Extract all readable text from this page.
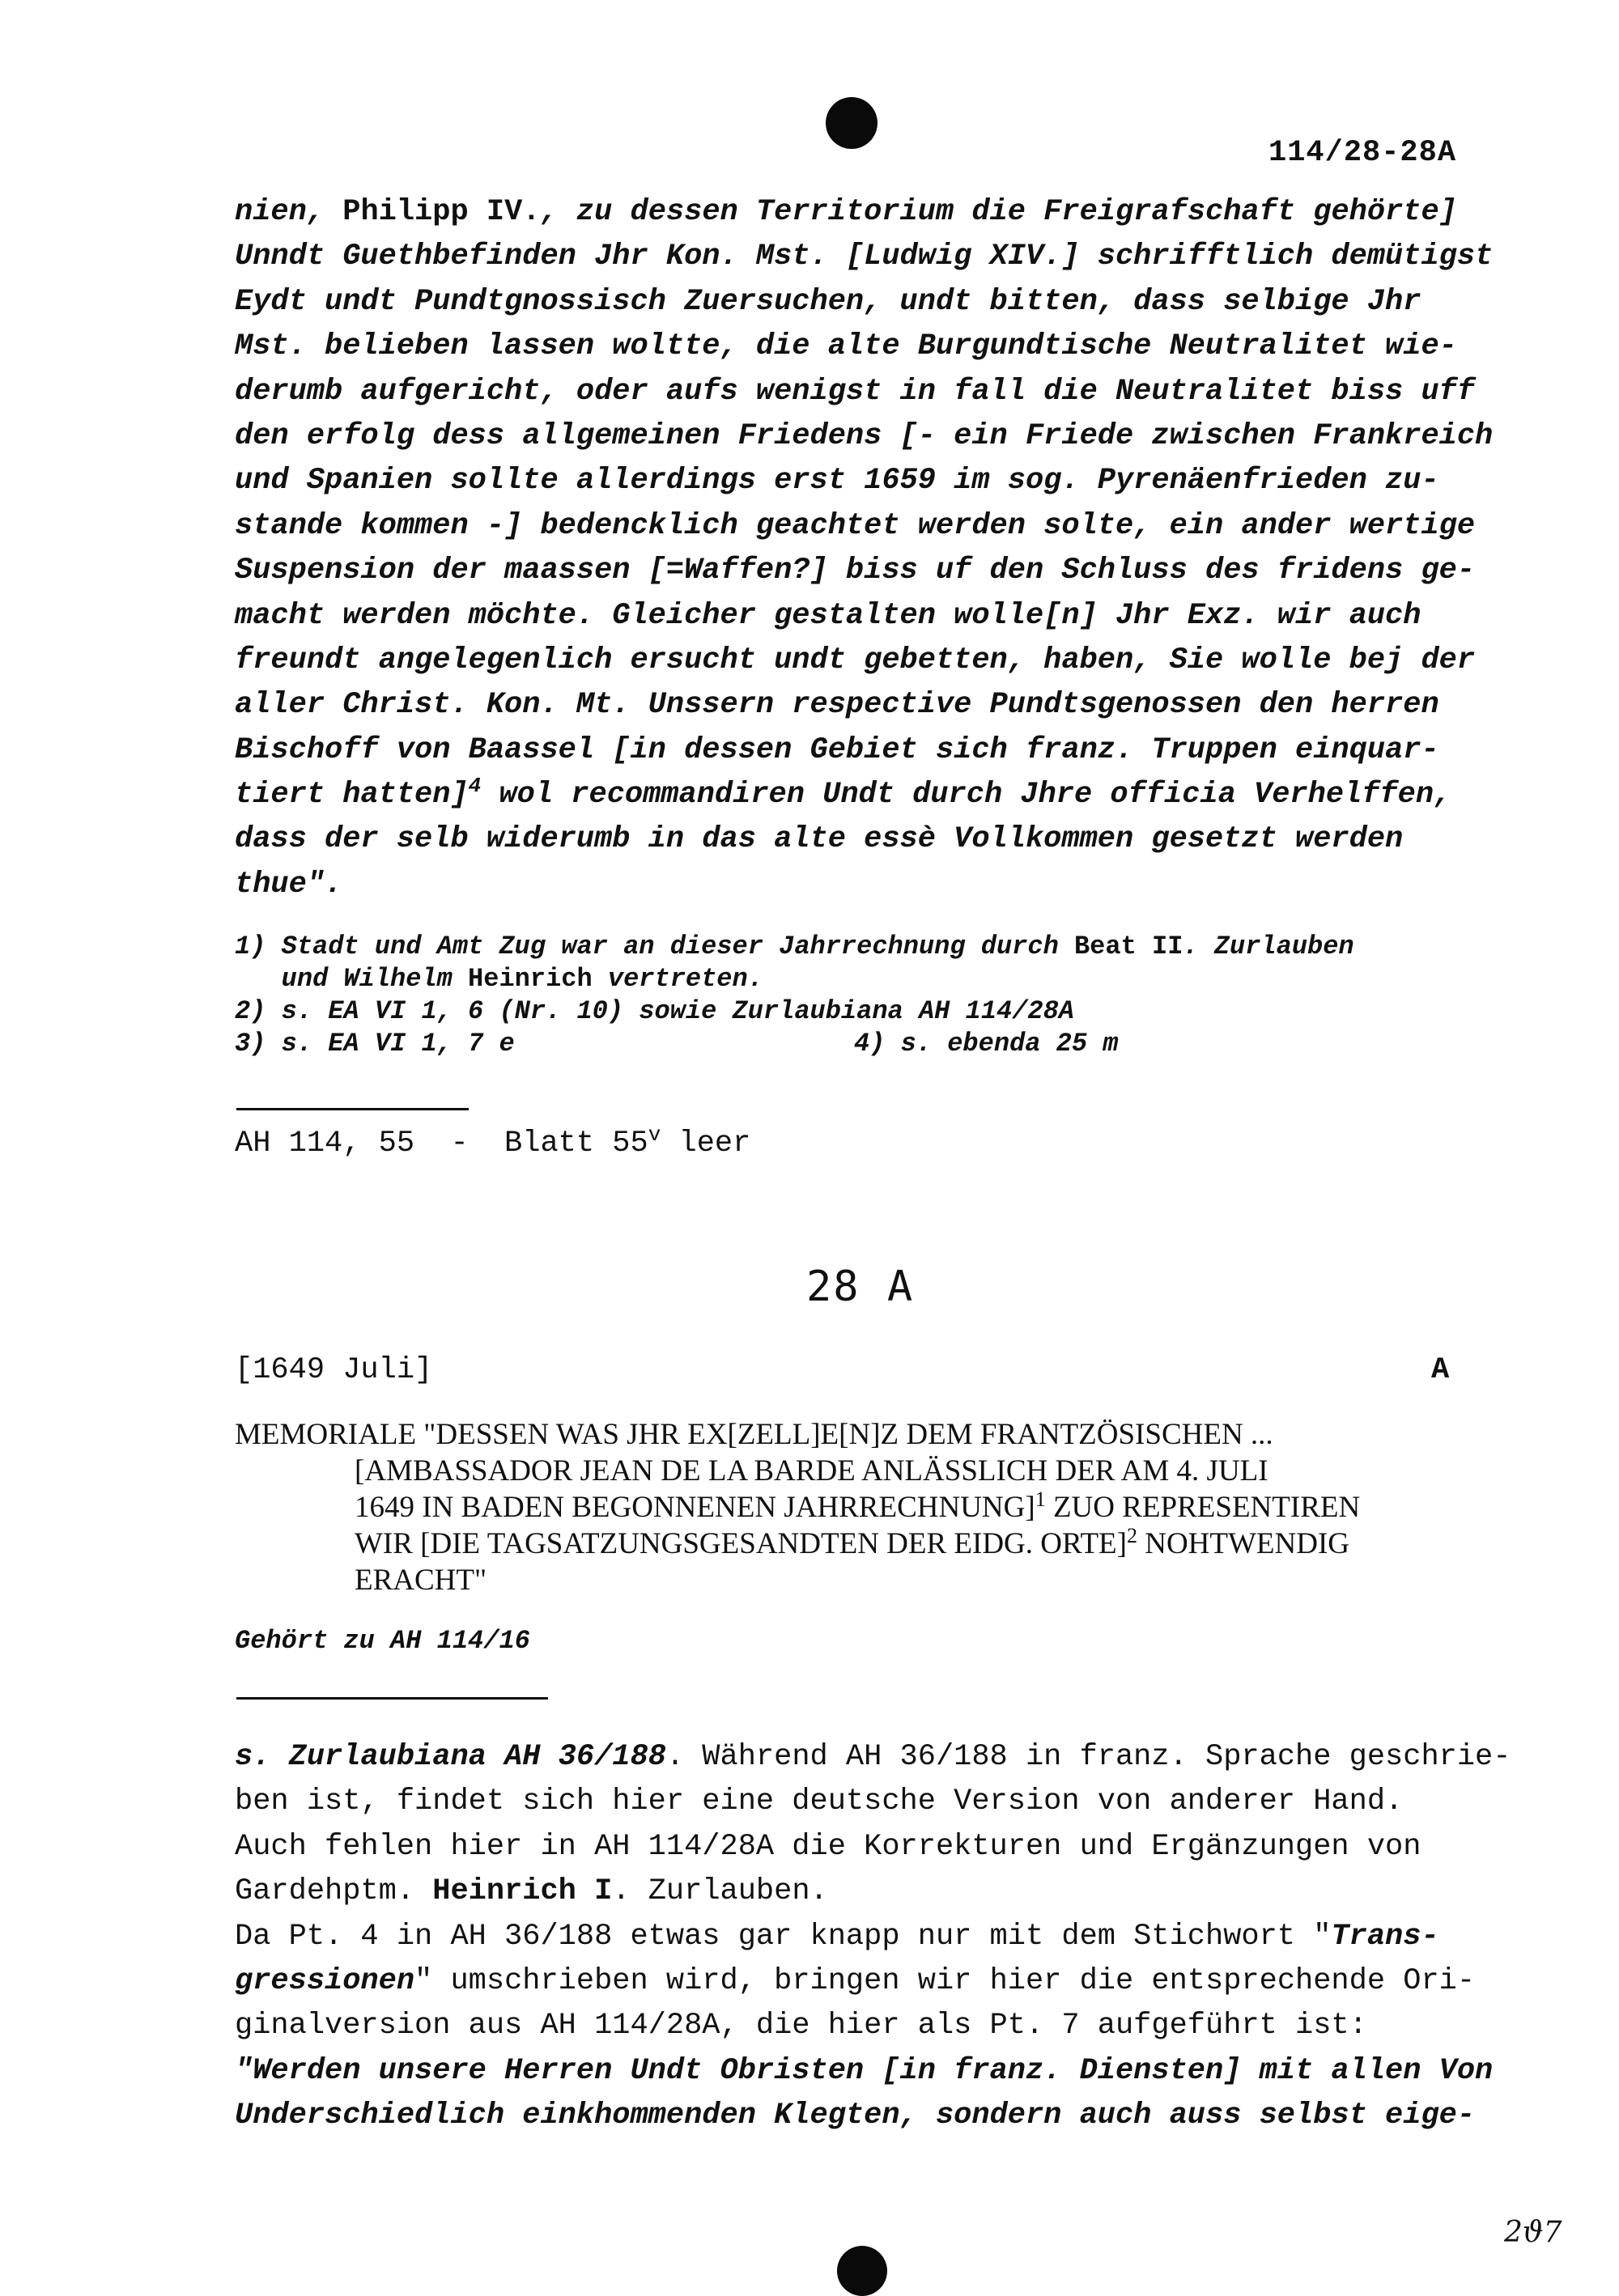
114/28-28A
nien, Philipp IV., zu dessen Territorium die Freigrafschaft gehörte]
Unndt Guethbefinden Jhr Kon. Mst. [Ludwig XIV.] schrifftlich demütigst
Eydt undt Pundtgnossisch Zuersuchen, undt bitten, dass selbige Jhr
Mst. belieben lassen woltte, die alte Burgundtische Neutralitet wie-
derumb aufgericht, oder aufs wenigst in fall die Neutralitet biss uff
den erfolg dess allgemeinen Friedens [- ein Friede zwischen Frankreich
und Spanien sollte allerdings erst 1659 im sog. Pyrenäenfrieden zu-
stande kommen -] bedencklich geachtet werden solte, ein ander wertige
Suspension der maassen [=Waffen?] biss uf den Schluss des fridens ge-
macht werden möchte. Gleicher gestalten wolle[n] Jhr Exz. wir auch
freundt angelegenlich ersucht undt gebetten, haben, Sie wolle bej der
aller Christ. Kon. Mt. Unssern respective Pundtsgenossen den herren
Bischoff von Baassel [in dessen Gebiet sich franz. Truppen einquar-
tiert hatten]$^4$ wol recommandiren Undt durch Jhre officia Verhelffen,
dass der selb widerumb in das alte essè Vollkommen gesetzt werden
thue".
1) Stadt und Amt Zug war an dieser Jahrrechnung durch Beat II. Zurlauben
und Wilhelm Heinrich vertreten.
2) s. EA VI 1, 6 (Nr. 10) sowie Zurlaubiana AH 114/28A
3) s. EA VI 1, 7 e	4) s. ebenda 25 m
AH 114, 55  -  Blatt 55$^v$ leer
28 A
[1649 Juli]	A
MEMORIALE "DESSEN WAS JHR EX[ZELL]E[N]Z DEM FRANTZÖSISCHEN ...
[AMBASSADOR JEAN DE LA BARDE ANLÄSSLICH DER AM 4. JULI
1649 IN BADEN BEGONNENEN JAHRRECHNUNG]$^1$ ZUO REPRESENTIREN
WIR [DIE TAGSATZUNGSGESANDTEN DER EIDG. ORTE]$^2$ NOHTWENDIG
ERACHT"
Gehört zu AH 114/16
s. Zurlaubiana AH 36/188. Während AH 36/188 in franz. Sprache geschrie-
ben ist, findet sich hier eine deutsche Version von anderer Hand.
Auch fehlen hier in AH 114/28A die Korrekturen und Ergänzungen von
Gardehptm. Heinrich I. Zurlauben.
Da Pt. 4 in AH 36/188 etwas gar knapp nur mit dem Stichwort "Trans-
gressionen" umschrieben wird, bringen wir hier die entsprechende Ori-
ginalversion aus AH 114/28A, die hier als Pt. 7 aufgeführt ist:
"Werden unsere Herren Undt Obristen [in franz. Diensten] mit allen Von
Underschiedlich einkhommenden Klegten, sondern auch auss selbst eige-
2ϑ7
